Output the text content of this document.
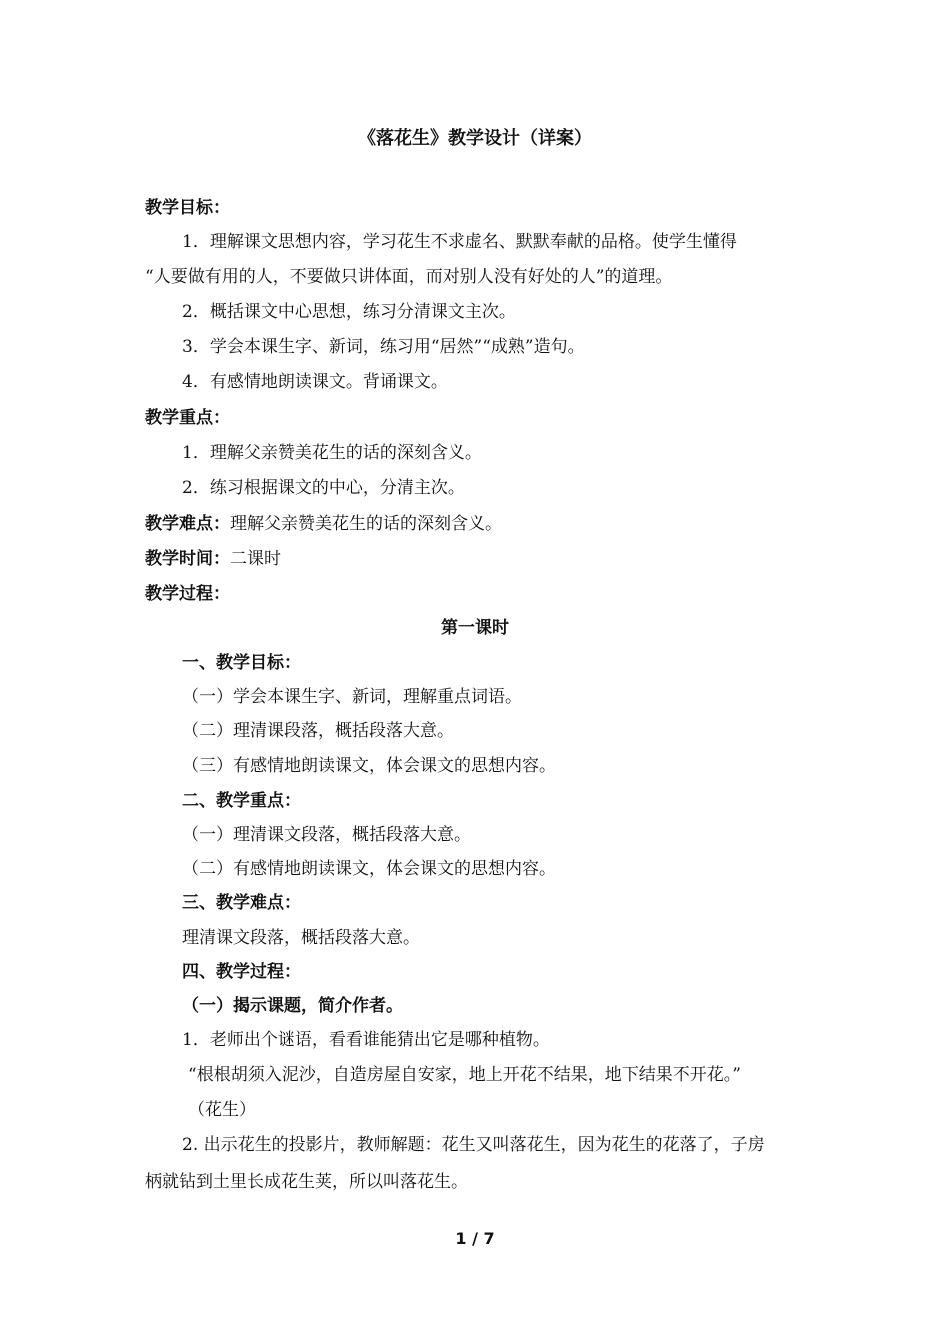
《落花生》教学设计（详案）
教学目标：
1．理解课文思想内容，学习花生不求虚名、默默奉献的品格。使学生懂得
“人要做有用的人，不要做只讲体面，而对别人没有好处的人”的道理。
2．概括课文中心思想，练习分清课文主次。
3．学会本课生字、新词，练习用“居然”“成熟”造句。
4．有感情地朗读课文。背诵课文。
教学重点：
1．理解父亲赞美花生的话的深刻含义。
2．练习根据课文的中心，分清主次。
教学难点：理解父亲赞美花生的话的深刻含义。
教学时间：二课时
教学过程：
第一课时
一、教学目标：
（一）学会本课生字、新词，理解重点词语。
（二）理清课段落，概括段落大意。
（三）有感情地朗读课文，体会课文的思想内容。
二、教学重点：
（一）理清课文段落，概括段落大意。
（二）有感情地朗读课文，体会课文的思想内容。
三、教学难点：
理清课文段落，概括段落大意。
四、教学过程：
（一）揭示课题，简介作者。
1．老师出个谜语，看看谁能猜出它是哪种植物。
“根根胡须入泥沙，自造房屋自安家，地上开花不结果，地下结果不开花。”
（花生）
2. 出示花生的投影片，教师解题：花生又叫落花生，因为花生的花落了，子房
柄就钻到土里长成花生荚，所以叫落花生。
1 / 7
